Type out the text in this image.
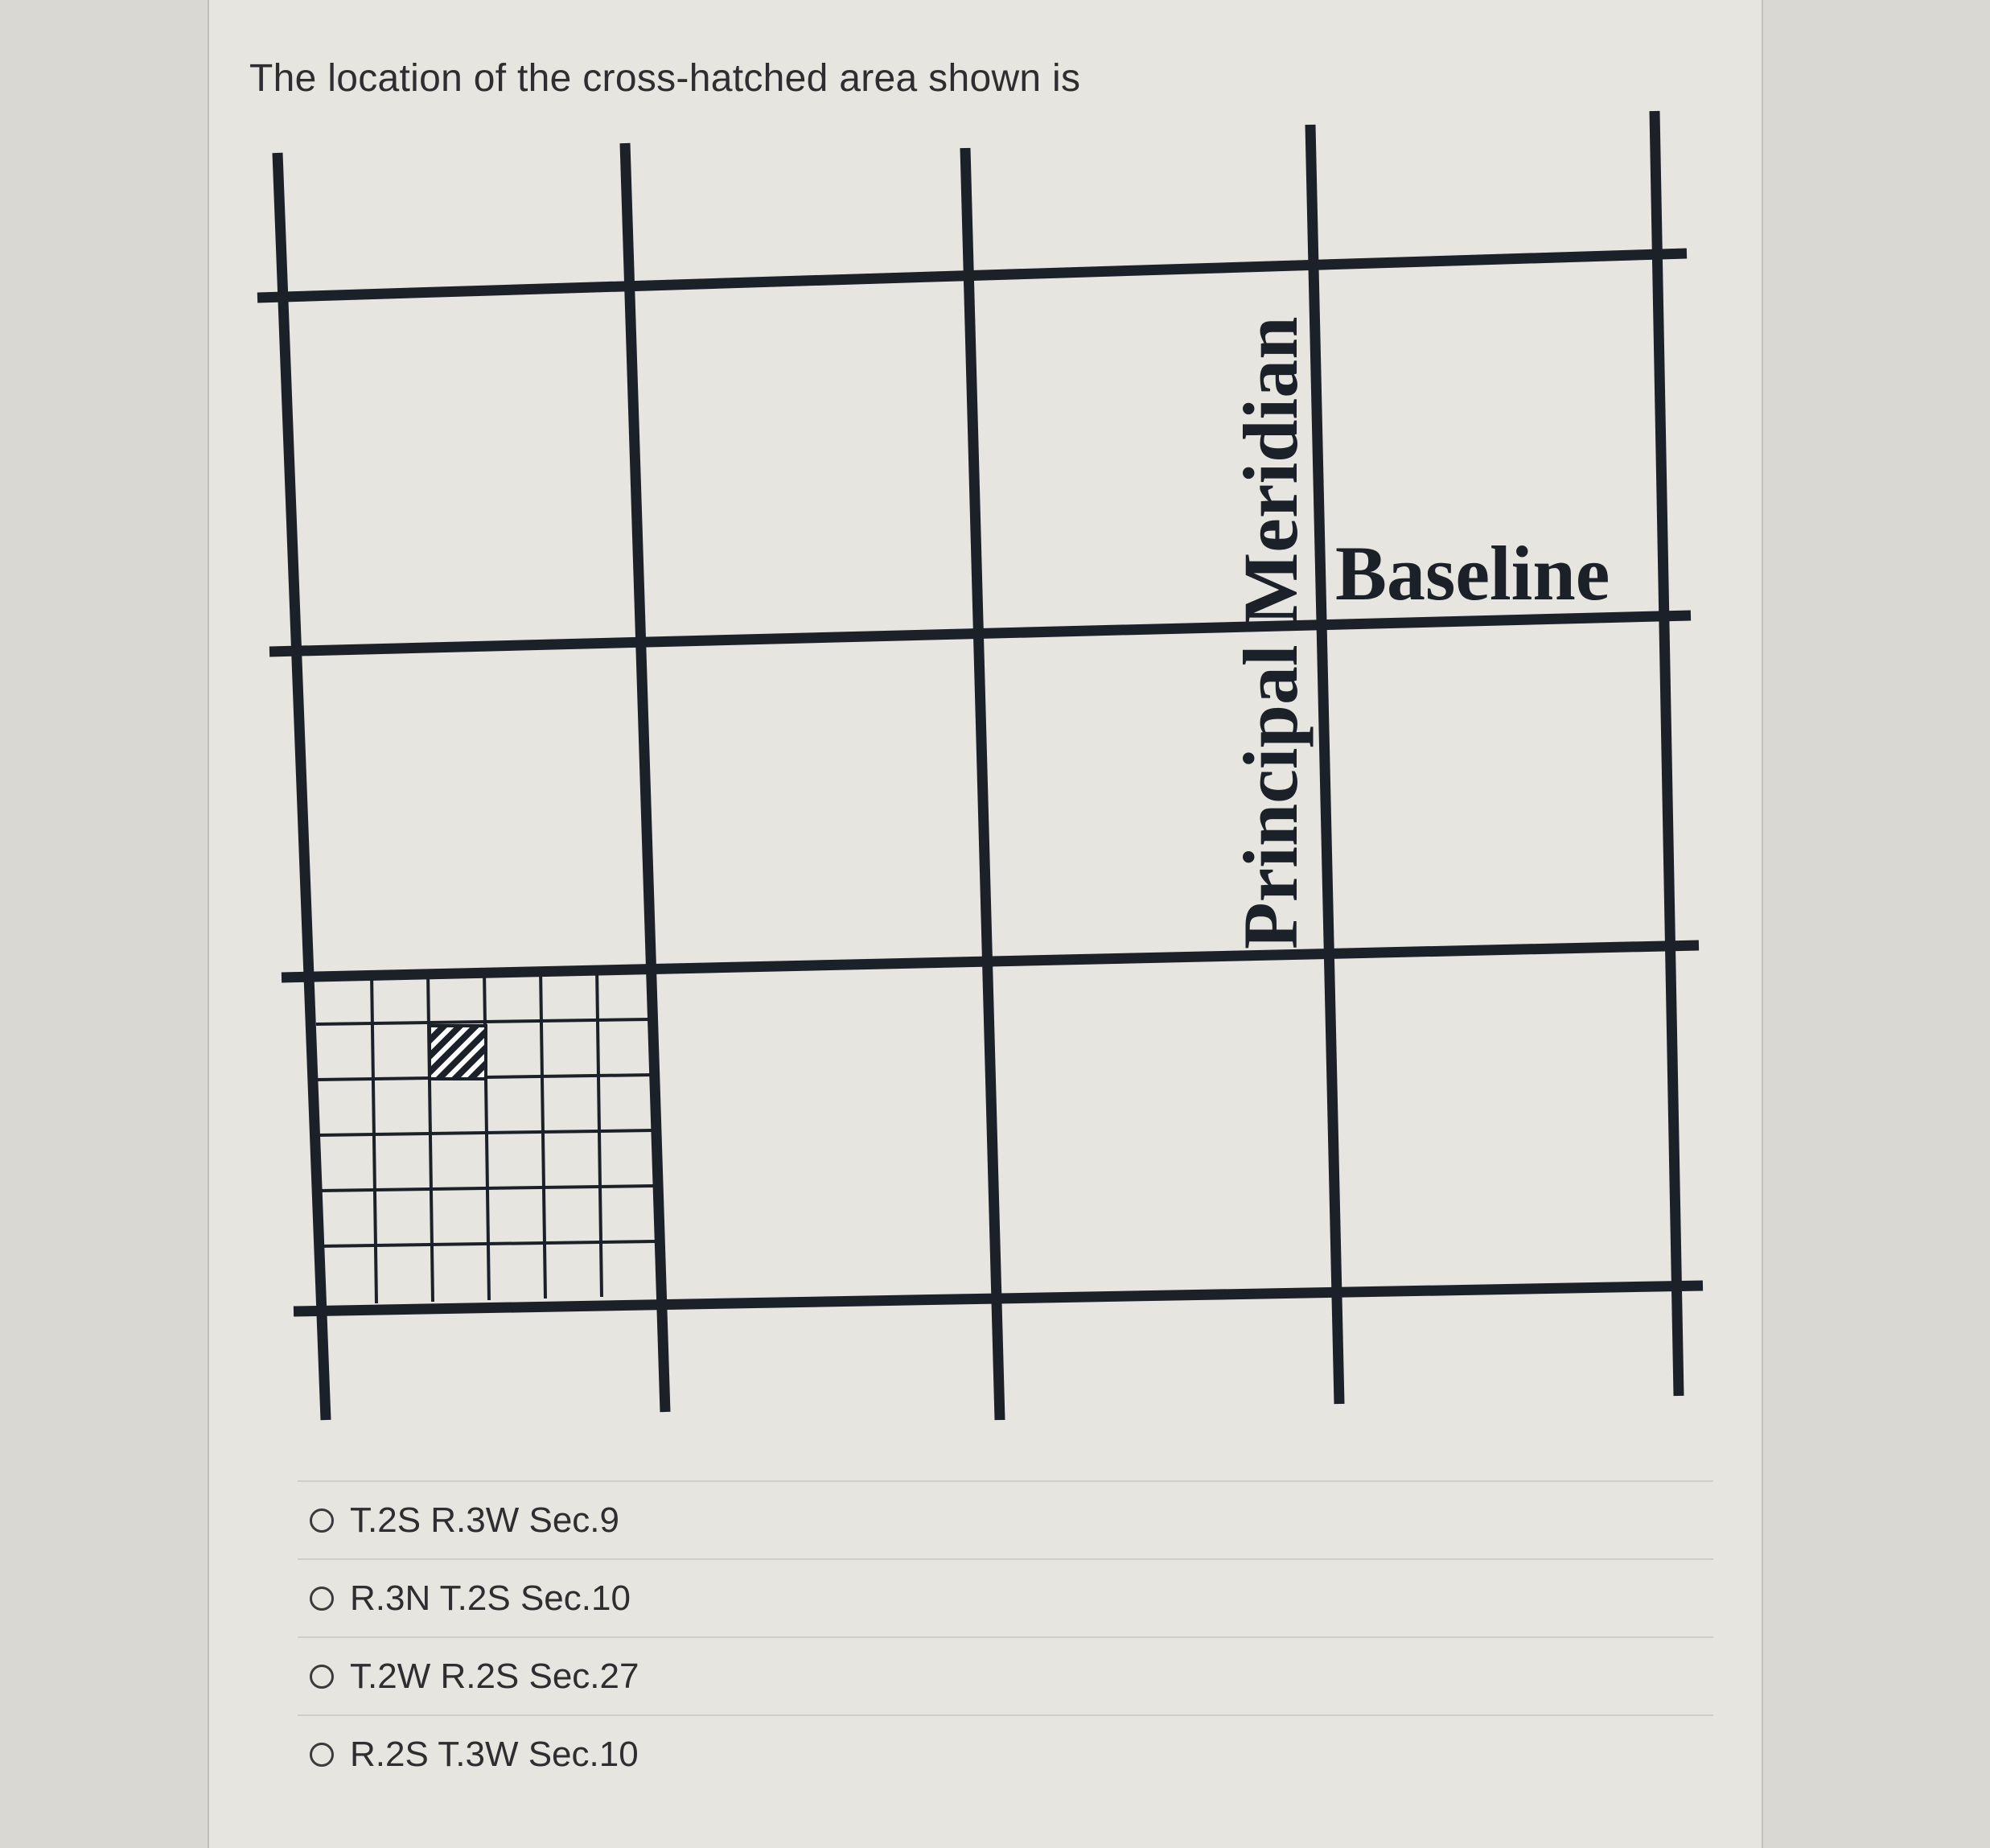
The location of the cross-hatched area shown is
Principal Meridian Baseline
T.2S R.3W Sec.9
R.3N T.2S Sec.10
T.2W R.2S Sec.27
R.2S T.3W Sec.10
